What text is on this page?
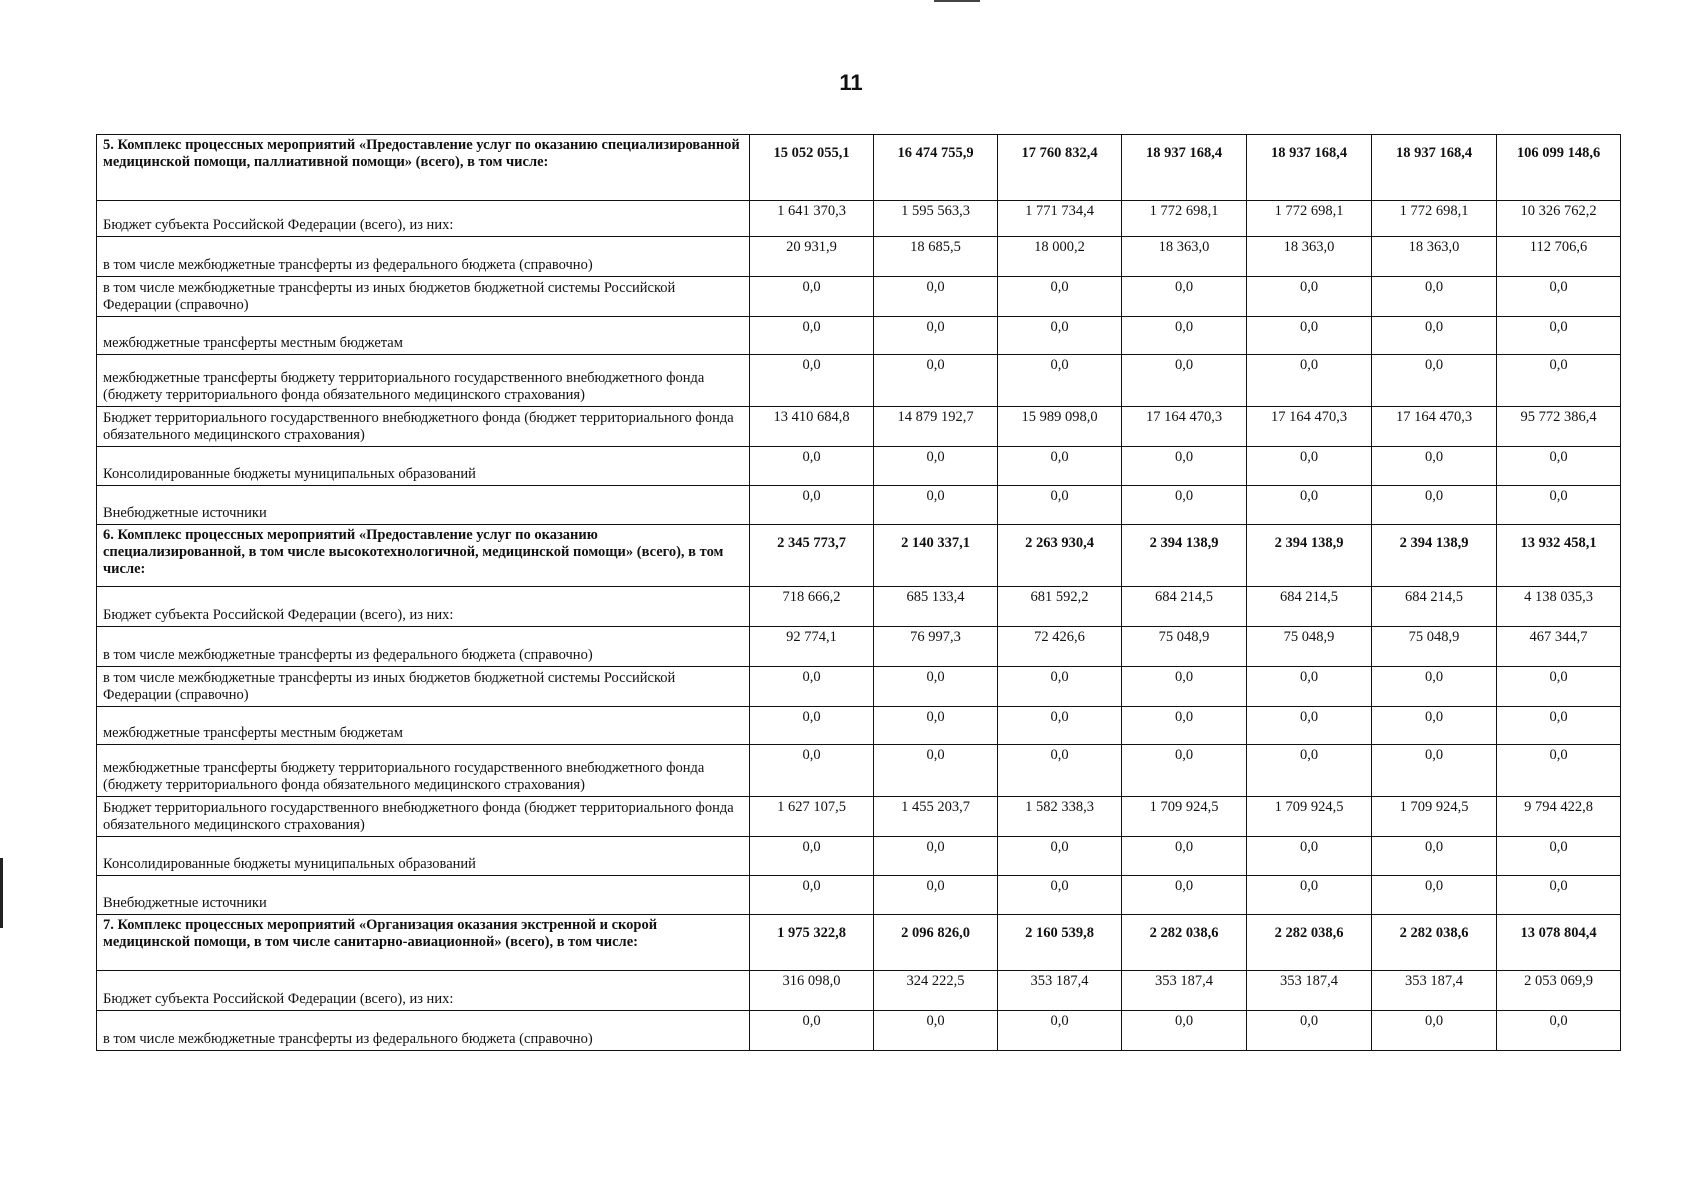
11
5. Комплекс процессных мероприятий «Предоставление услуг по оказанию специализированной медицинской помощи, паллиативной помощи» (всего), в том числе:	15 052 055,1	16 474 755,9	17 760 832,4	18 937 168,4	18 937 168,4	18 937 168,4	106 099 148,6
Бюджет субъекта Российской Федерации (всего), из них:	1 641 370,3	1 595 563,3	1 771 734,4	1 772 698,1	1 772 698,1	1 772 698,1	10 326 762,2
в том числе межбюджетные трансферты из федерального бюджета (справочно)	20 931,9	18 685,5	18 000,2	18 363,0	18 363,0	18 363,0	112 706,6
в том числе межбюджетные трансферты из иных бюджетов бюджетной системы Российской Федерации (справочно)	0,0	0,0	0,0	0,0	0,0	0,0	0,0
межбюджетные трансферты местным бюджетам	0,0	0,0	0,0	0,0	0,0	0,0	0,0
межбюджетные трансферты бюджету территориального государственного внебюджетного фонда (бюджету территориального фонда обязательного медицинского страхования)	0,0	0,0	0,0	0,0	0,0	0,0	0,0
Бюджет территориального государственного внебюджетного фонда (бюджет территориального фонда обязательного медицинского страхования)	13 410 684,8	14 879 192,7	15 989 098,0	17 164 470,3	17 164 470,3	17 164 470,3	95 772 386,4
Консолидированные бюджеты муниципальных образований	0,0	0,0	0,0	0,0	0,0	0,0	0,0
Внебюджетные источники	0,0	0,0	0,0	0,0	0,0	0,0	0,0
6. Комплекс процессных мероприятий «Предоставление услуг по оказанию специализированной, в том числе высокотехнологичной, медицинской помощи» (всего), в том числе:	2 345 773,7	2 140 337,1	2 263 930,4	2 394 138,9	2 394 138,9	2 394 138,9	13 932 458,1
Бюджет субъекта Российской Федерации (всего), из них:	718 666,2	685 133,4	681 592,2	684 214,5	684 214,5	684 214,5	4 138 035,3
в том числе межбюджетные трансферты из федерального бюджета (справочно)	92 774,1	76 997,3	72 426,6	75 048,9	75 048,9	75 048,9	467 344,7
в том числе межбюджетные трансферты из иных бюджетов бюджетной системы Российской Федерации (справочно)	0,0	0,0	0,0	0,0	0,0	0,0	0,0
межбюджетные трансферты местным бюджетам	0,0	0,0	0,0	0,0	0,0	0,0	0,0
межбюджетные трансферты бюджету территориального государственного внебюджетного фонда (бюджету территориального фонда обязательного медицинского страхования)	0,0	0,0	0,0	0,0	0,0	0,0	0,0
Бюджет территориального государственного внебюджетного фонда (бюджет территориального фонда обязательного медицинского страхования)	1 627 107,5	1 455 203,7	1 582 338,3	1 709 924,5	1 709 924,5	1 709 924,5	9 794 422,8
Консолидированные бюджеты муниципальных образований	0,0	0,0	0,0	0,0	0,0	0,0	0,0
Внебюджетные источники	0,0	0,0	0,0	0,0	0,0	0,0	0,0
7. Комплекс процессных мероприятий «Организация оказания экстренной и скорой медицинской помощи, в том числе санитарно-авиационной» (всего), в том числе:	1 975 322,8	2 096 826,0	2 160 539,8	2 282 038,6	2 282 038,6	2 282 038,6	13 078 804,4
Бюджет субъекта Российской Федерации (всего), из них:	316 098,0	324 222,5	353 187,4	353 187,4	353 187,4	353 187,4	2 053 069,9
в том числе межбюджетные трансферты из федерального бюджета (справочно)	0,0	0,0	0,0	0,0	0,0	0,0	0,0
